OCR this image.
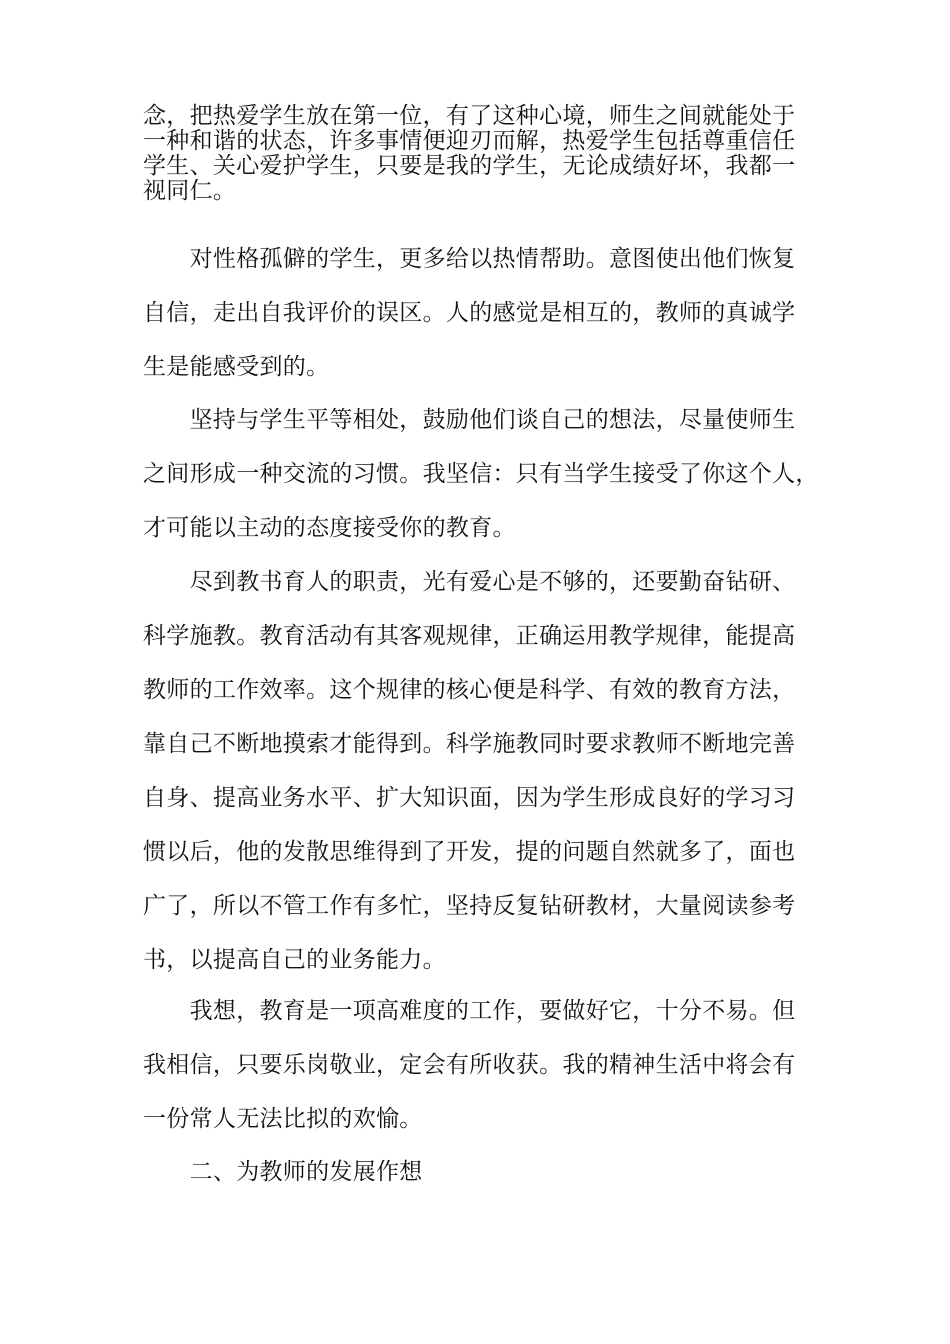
念，把热爱学生放在第一位，有了这种心境，师生之间就能处于
一种和谐的状态，许多事情便迎刃而解，热爱学生包括尊重信任
学生、关心爱护学生，只要是我的学生，无论成绩好坏，我都一
视同仁。

　　对性格孤僻的学生，更多给以热情帮助。意图使出他们恢复
自信，走出自我评价的误区。人的感觉是相互的，教师的真诚学
生是能感受到的。

　　坚持与学生平等相处，鼓励他们谈自己的想法，尽量使师生
之间形成一种交流的习惯。我坚信：只有当学生接受了你这个人，
才可能以主动的态度接受你的教育。

　　尽到教书育人的职责，光有爱心是不够的，还要勤奋钻研、
科学施教。教育活动有其客观规律，正确运用教学规律，能提高
教师的工作效率。这个规律的核心便是科学、有效的教育方法，
靠自己不断地摸索才能得到。科学施教同时要求教师不断地完善
自身、提高业务水平、扩大知识面，因为学生形成良好的学习习
惯以后，他的发散思维得到了开发，提的问题自然就多了，面也
广了，所以不管工作有多忙，坚持反复钻研教材，大量阅读参考
书，以提高自己的业务能力。

　　我想，教育是一项高难度的工作，要做好它，十分不易。但
我相信，只要乐岗敬业，定会有所收获。我的精神生活中将会有
一份常人无法比拟的欢愉。

　　二、为教师的发展作想
